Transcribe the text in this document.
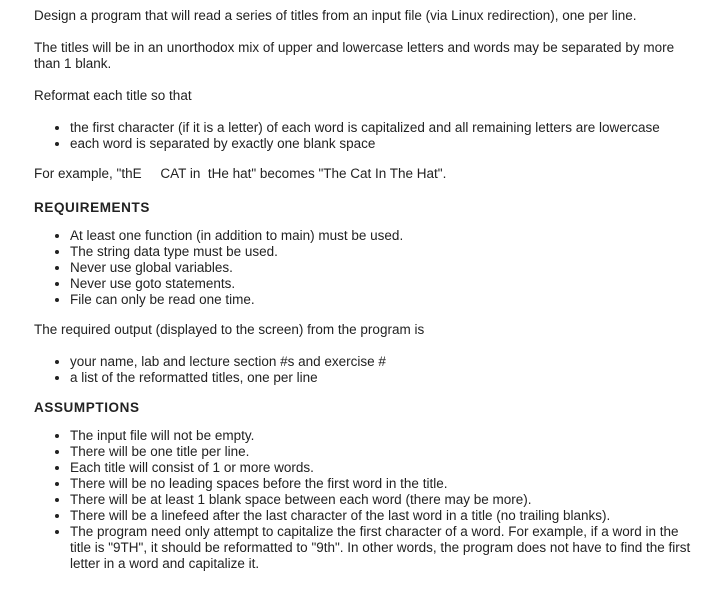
Design a program that will read a series of titles from an input file (via Linux redirection), one per line.

The titles will be in an unorthodox mix of upper and lowercase letters and words may be separated by more than 1 blank.

Reformat each title so that

• the first character (if it is a letter) of each word is capitalized and all remaining letters are lowercase
• each word is separated by exactly one blank space

For example, "thE     CAT in  tHe hat" becomes "The Cat In The Hat".

REQUIREMENTS
• At least one function (in addition to main) must be used.
• The string data type must be used.
• Never use global variables.
• Never use goto statements.
• File can only be read one time.

The required output (displayed to the screen) from the program is

• your name, lab and lecture section #s and exercise #
• a list of the reformatted titles, one per line
ASSUMPTIONS
• The input file will not be empty.
• There will be one title per line.
• Each title will consist of 1 or more words.
• There will be no leading spaces before the first word in the title.
• There will be at least 1 blank space between each word (there may be more).
• There will be a linefeed after the last character of the last word in a title (no trailing blanks).
• The program need only attempt to capitalize the first character of a word. For example, if a word in the title is "9TH", it should be reformatted to "9th". In other words, the program does not have to find the first letter in a word and capitalize it.
